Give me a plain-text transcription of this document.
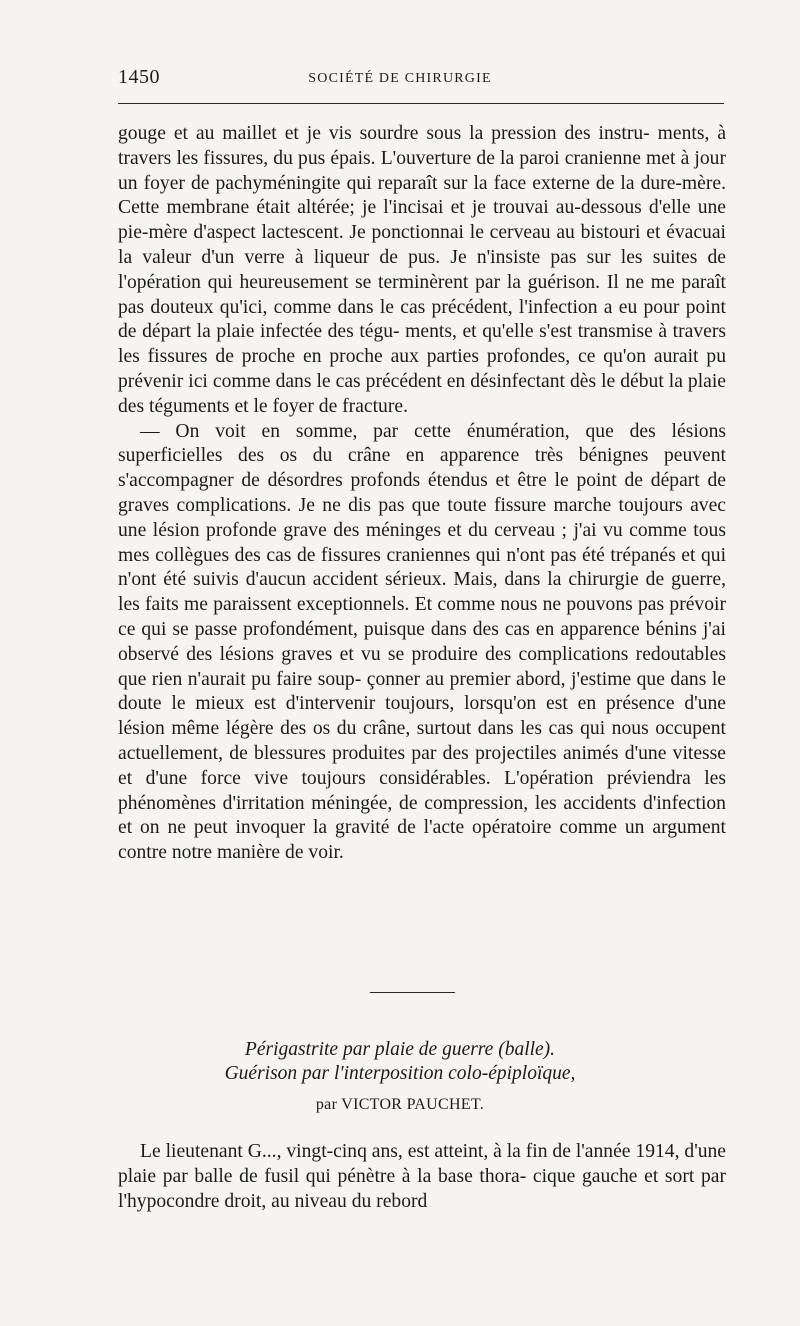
1450	SOCIÉTÉ DE CHIRURGIE

gouge et au maillet et je vis sourdre sous la pression des instru- ments, à travers les fissures, du pus épais. L'ouverture de la paroi cranienne met à jour un foyer de pachyméningite qui reparaît sur la face externe de la dure-mère. Cette membrane était altérée; je l'incisai et je trouvai au-dessous d'elle une pie-mère d'aspect lactescent. Je ponctionnai le cerveau au bistouri et évacuai la valeur d'un verre à liqueur de pus. Je n'insiste pas sur les suites de l'opération qui heureusement se terminèrent par la guérison. Il ne me paraît pas douteux qu'ici, comme dans le cas précédent, l'infection a eu pour point de départ la plaie infectée des tégu- ments, et qu'elle s'est transmise à travers les fissures de proche en proche aux parties profondes, ce qu'on aurait pu prévenir ici comme dans le cas précédent en désinfectant dès le début la plaie des téguments et le foyer de fracture.

— On voit en somme, par cette énumération, que des lésions superficielles des os du crâne en apparence très bénignes peuvent s'accompagner de désordres profonds étendus et être le point de départ de graves complications. Je ne dis pas que toute fissure marche toujours avec une lésion profonde grave des méninges et du cerveau ; j'ai vu comme tous mes collègues des cas de fissures craniennes qui n'ont pas été trépanés et qui n'ont été suivis d'aucun accident sérieux. Mais, dans la chirurgie de guerre, les faits me paraissent exceptionnels. Et comme nous ne pouvons pas prévoir ce qui se passe profondément, puisque dans des cas en apparence bénins j'ai observé des lésions graves et vu se produire des complications redoutables que rien n'aurait pu faire soup- çonner au premier abord, j'estime que dans le doute le mieux est d'intervenir toujours, lorsqu'on est en présence d'une lésion même légère des os du crâne, surtout dans les cas qui nous occupent actuellement, de blessures produites par des projectiles animés d'une vitesse et d'une force vive toujours considérables. L'opération préviendra les phénomènes d'irritation méningée, de compression, les accidents d'infection et on ne peut invoquer la gravité de l'acte opératoire comme un argument contre notre manière de voir.

Périgastrite par plaie de guerre (balle).
Guérison par l'interposition colo-épiploïque,
par VICTOR PAUCHET.

Le lieutenant G..., vingt-cinq ans, est atteint, à la fin de l'année 1914, d'une plaie par balle de fusil qui pénètre à la base thora- cique gauche et sort par l'hypocondre droit, au niveau du rebord
